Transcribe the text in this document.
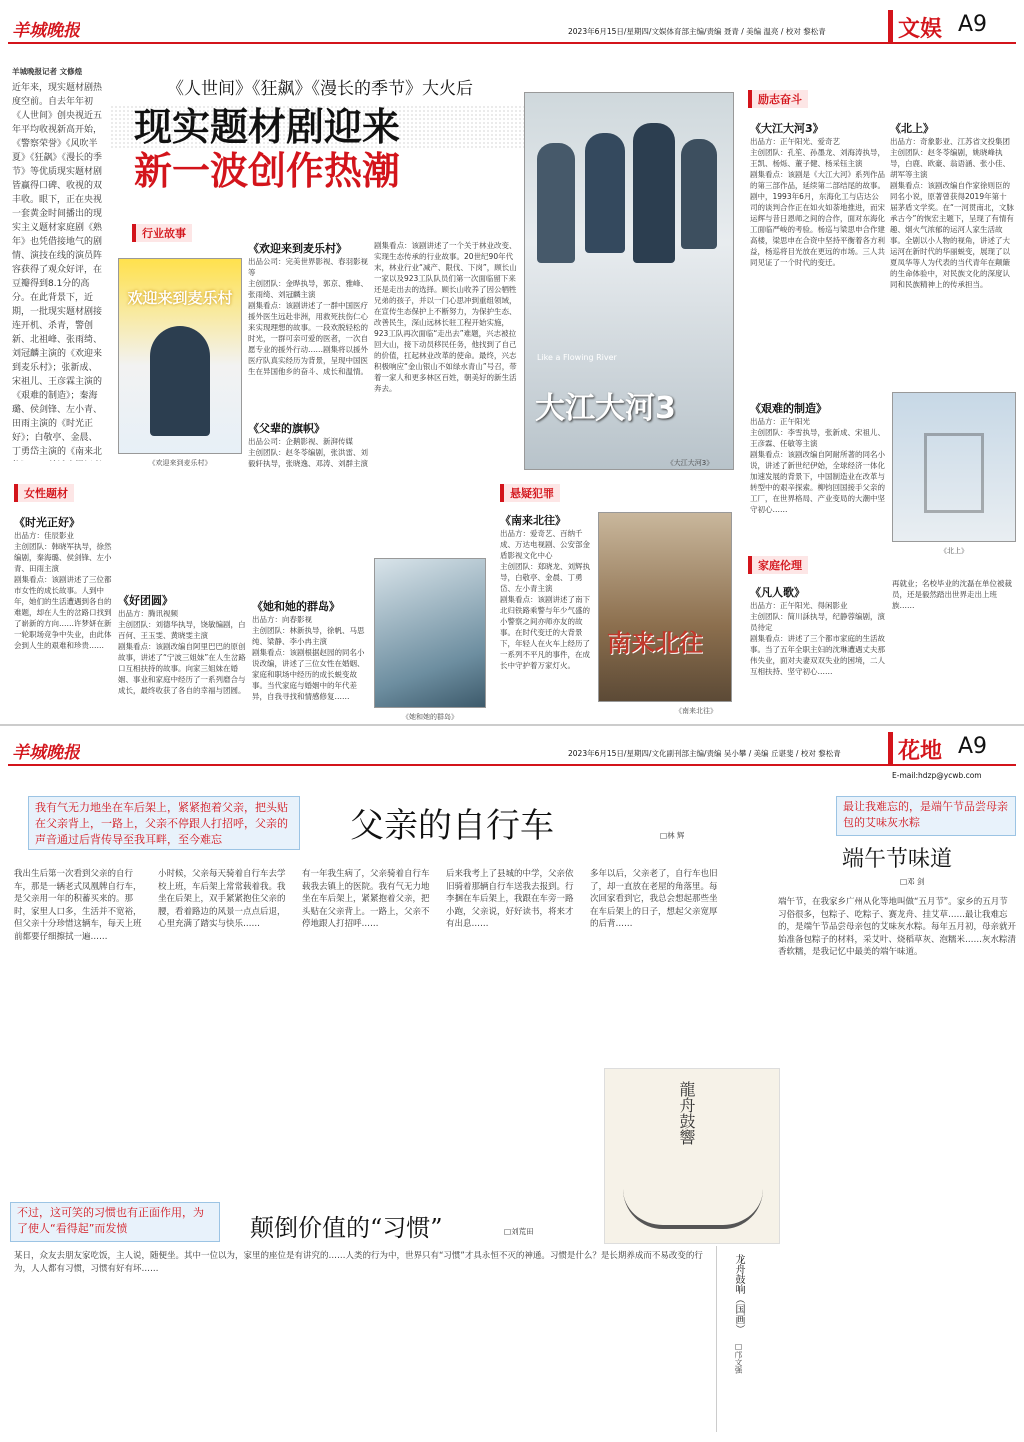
羊城晚报	2023年6月15日/星期四/文娱体育部主编/责编 聂青 / 美编 温亮 / 校对 黎松青	文娱 A9
羊城晚报记者 文修煌
近年来，现实题材剧热度空前。自去年年初《人世间》创央视近五年平均收视新高开始，《警察荣誉》《风吹半夏》《狂飙》《漫长的季节》等优质现实题材剧皆赢得口碑、收视的双丰收。眼下，正在央视一套黄金时间播出的现实主义题材家庭剧《熟年》也凭借接地气的剧情、演技在线的演员阵容获得了观众好评，在豆瓣得到8.1分的高分。在此背景下，近期，一批现实题材剧接连开机、杀青，警创新、北祖峰、张雨绮、刘冠麟主演的《欢迎来到麦乐村》；张新成、宋祖儿、王彦霖主演的《艰难的制造》；秦海璐、侯剑锋、左小青、田雨主演的《时光正好》；白敬亭、金晨、丁勇岱主演的《南来北
《人世间》《狂飙》《漫长的季节》大火后
现实题材剧迎来
新一波创作热潮
行业故事
欢迎来到麦乐村
《欢迎来到麦乐村》
《欢迎来到麦乐村》
出品公司：完美世界影视、春羽影视等
主创团队：金晔执导，郭京、雅峰、张雨绮、刘冠麟主演
剧集看点：该剧讲述了一群中国医疗援外医生远赴非洲，用救死扶伤仁心来实现理想的故事。一段欢脱轻松的时光，一群可亲可爱的医者，一次自愿专业的援外行动……剧集将以援外医疗队真实经历为背景，呈现中国医生在异国他乡的奋斗、成长和温情。
《父辈的旗帜》
出品公司：企鹅影视、新湃传媒
主创团队：赵冬苓编剧，张洪雷、刘毅轩执导，张晓逸、邓涛、刘群主演
剧集看点：该剧讲述了一个关于林业改变、实现生态传承的行业故事。20世纪90年代末，林业行业“减产、限伐、下岗”，顾长山一家以及923工队队员们第一次面临留下来还是走出去的选择。顾长山收养了因公牺牲兄弟的孩子，并以一门心思冲到重组领域，在宣传生态保护上不断努力，为保护生态、改善民生，深山远林长驻工程开始实施，923工队再次面临“走出去”难题，兴志被拉回大山，接下动员移民任务，他找到了自己的价值，扛起林业改革的使命。最终，兴志积极响应“金山银山不如绿水青山”号召，带着一家人和更多林区百姓，朝美好的新生活奔去。
Like a Flowing River
大江大河3
《大江大河3》
励志奋斗
《大江大河3》
出品方：正午阳光、爱奇艺
主创团队：孔笙、孙墨龙、刘海涛执导，王凯、杨烁、董子健、杨采钰主演
剧集看点：该剧是《大江大河》系列作品的第三部作品，延续第二部结尾的故事。剧中，1993年6月，东海化工与店达公司的谈判合作正在如火如荼地推进，而宋运辉与昔日恩师之间的合作，面对东海化工面临严峻的考验。杨巡与梁思申合作建高楼，梁思申在合资中坚持平衡着各方利益，杨巡将目光放在更远的市场。三人共同见证了一个时代的变迁。
《艰难的制造》
出品方：正午阳光
主创团队：李雪执导，张新成、宋祖儿、王彦霖、任敏等主演
剧集看点：该剧改编自阿耐所著的同名小说，讲述了新世纪伊始，全球经济一体化加速发展的背景下，中国制造业在改革与转型中的艰辛探索。柳钧回国接手父亲的工厂，在世界格局、产业变局的大潮中坚守初心……
《北上》
出品方：奇象影业、江苏省文投集团
主创团队：赵冬苓编剧，姚晓峰执导，白鹿、欧豪、翁语涵、张小佳、胡军等主演
剧集看点：该剧改编自作家徐则臣的同名小说，原著曾获得2019年第十届茅盾文学奖。在“一河贯南北，文脉承古今”的恢宏主题下，呈现了有情有趣、烟火气浓郁的运河人家生活故事。全剧以小人物的视角，讲述了大运河在新时代的华丽蜕变，展现了以夏凤华等人为代表的当代青年在颠簸的生命体验中，对民族文化的深度认同和民族精神上的传承担当。
《北上》
女性题材
《时光正好》
出品方：佳辰影业
主创团队：韩晓军执导，徐然编剧，秦海璐、侯剑锋、左小青、田雨主演
剧集看点：该剧讲述了三位都市女性的成长故事。人到中年，她们的生活遭遇到各自的难题，却在人生的岔路口找到了崭新的方向……许梦妍在新一轮职场竞争中失业，由此体会到人生的艰难和珍贵……
《好团圆》
出品方：腾讯视频
主创团队：刘德华执导，饶敏编剧，白百何、王玉雯、黄晓雯主演
剧集看点：该剧改编自阿里巴巴的原创故事，讲述了“宁波三姐妹”在人生岔路口互相扶持的故事。向家三姐妹在婚姻、事业和家庭中经历了一系列磨合与成长，最终收获了各自的幸福与团圆。
《她和她的群岛》
出品方：向春影视
主创团队：林新执导，徐帆、马思纯、梁静、李小冉主演
剧集看点：该剧根据赵园的同名小说改编，讲述了三位女性在婚姻、家庭和职场中经历的成长蜕变故事。当代家庭与婚姻中的年代差异，自我寻找和情感修复……
《她和她的群岛》
悬疑犯罪
《南来北往》
出品方：爱奇艺、百纳千成、万达电视剧、公安部金盾影视文化中心
主创团队：郑晓龙、刘辉执导，白敬亭、金晨、丁勇岱、左小青主演
剧集看点：该剧讲述了南下北归铁路乘警与年少气盛的小警察之间亦师亦友的故事。在时代变迁的大背景下，年轻人在火车上经历了一系列不平凡的事件，在成长中守护着万家灯火。
南来北往
《南来北往》
家庭伦理
《凡人歌》
出品方：正午阳光、得闲影业
主创团队：简川訸执导，纪静蓉编剧，演员待定
剧集看点：讲述了三个都市家庭的生活故事。当了五年全职主妇的沈琳遭遇丈夫那伟失业，面对夫妻双双失业的困境，二人互相扶持、坚守初心……
再就业；名校毕业的沈磊在单位被裁员，还是毅然踏出世界走出上班族……
羊城晚报	2023年6月15日/星期四/文化副刊部主编/责编 吴小攀 / 美编 丘谌斐 / 校对 黎松青	花地 A9
E-mail:hdzp@ycwb.com
我有气无力地坐在车后架上，紧紧抱着父亲，把头贴在父亲背上，一路上，父亲不停跟人打招呼，父亲的声音通过后背传导至我耳畔，至今难忘	父亲的自行车	□林 辉
我出生后第一次看到父亲的自行车，那是一辆老式凤凰牌自行车，是父亲用一年的积蓄买来的。那时，家里人口多，生活并不宽裕，但父亲十分珍惜这辆车，每天上班前都要仔细擦拭一遍……
小时候，父亲每天骑着自行车去学校上班，车后架上常常载着我。我坐在后架上，双手紧紧抱住父亲的腰，看着路边的风景一点点后退，心里充满了踏实与快乐……
有一年我生病了，父亲骑着自行车载我去镇上的医院。我有气无力地坐在车后架上，紧紧抱着父亲，把头贴在父亲背上。一路上，父亲不停地跟人打招呼……
后来我考上了县城的中学，父亲依旧骑着那辆自行车送我去报到。行李捆在车后架上，我跟在车旁一路小跑，父亲说，好好读书，将来才有出息……
多年以后，父亲老了，自行车也旧了，却一直放在老屋的角落里。每次回家看到它，我总会想起那些坐在车后架上的日子，想起父亲宽厚的后背……
最让我难忘的，是端午节品尝母亲包的艾味灰水粽
端午节味道
□邓 剑
端午节，在我家乡广州从化等地叫做“五月节”。家乡的五月节习俗很多，包粽子、吃粽子、赛龙舟、挂艾草……最让我难忘的，是端午节品尝母亲包的艾味灰水粽。每年五月初，母亲就开始准备包粽子的材料，采艾叶、烧稻草灰、泡糯米……灰水粽清香软糯，是我记忆中最美的端午味道。
不过，这可笑的习惯也有正面作用，为了使人“看得起”而发愤	颠倒价值的“习惯”	□刘荒田
某日，众友去朋友家吃饭，主人说，随便坐。其中一位以为，家里的座位是有讲究的……人类的行为中，世界只有“习惯”才具永恒不灭的神通。习惯是什么？是长期养成而不易改变的行为，人人都有习惯，习惯有好有坏……	龙舟鼓响（国画）
□邝文强
龍舟鼓響
